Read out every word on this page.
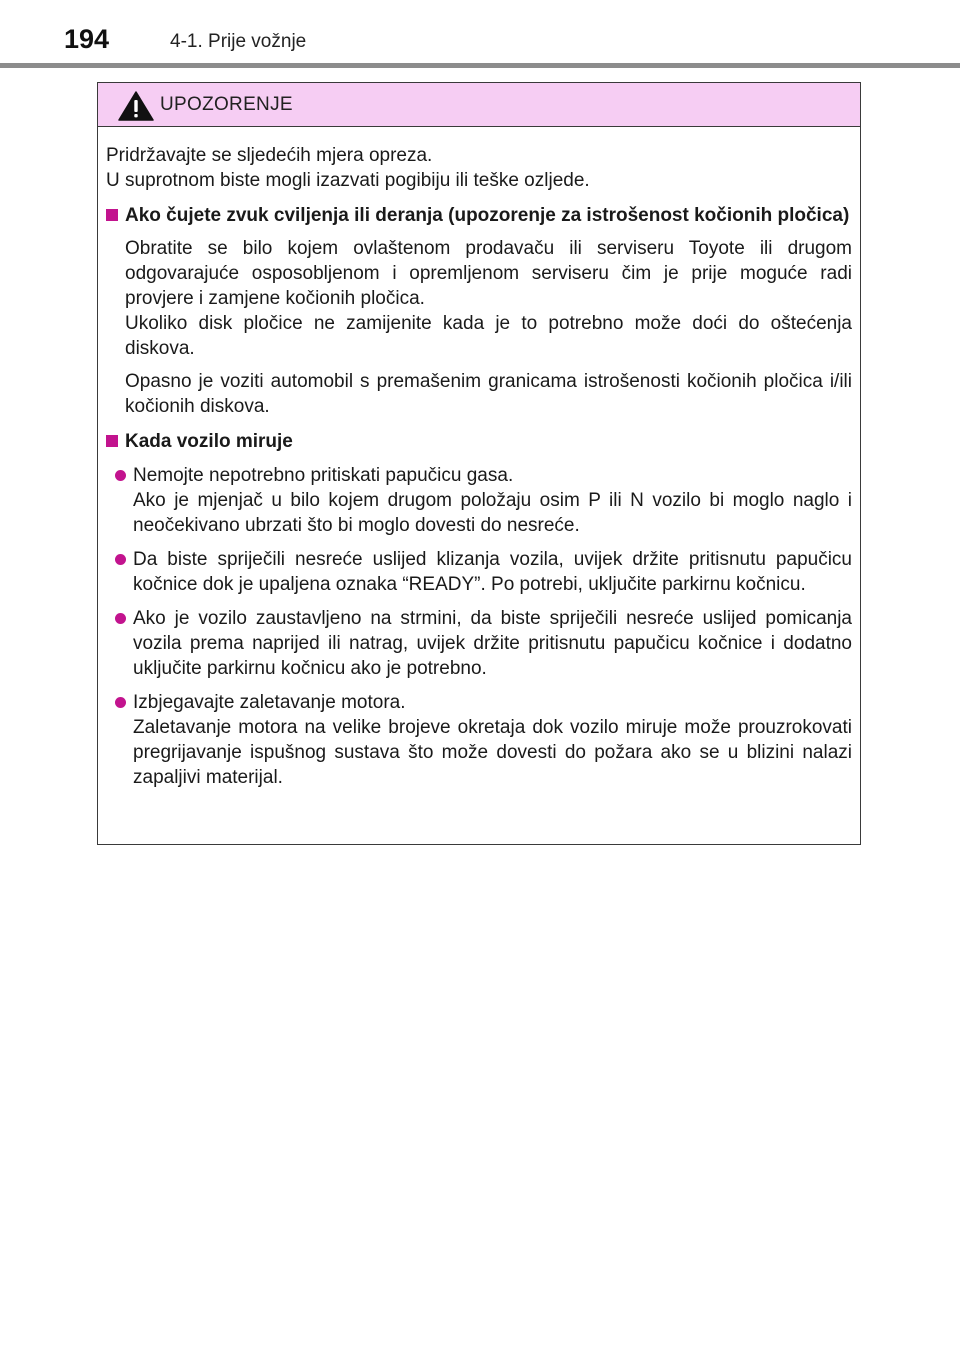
194	4-1. Prije vožnje
UPOZORENJE

Pridržavajte se sljedećih mjera opreza.

U suprotnom biste mogli izazvati pogibiju ili teške ozljede.

Ako čujete zvuk cviljenja ili deranja (upozorenje za istrošenost kočionih pločica)

Obratite se bilo kojem ovlaštenom prodavaču ili serviseru Toyote ili drugom odgovarajuće osposobljenom i opremljenom serviseru čim je prije moguće radi provjere i zamjene kočionih pločica.

Ukoliko disk pločice ne zamijenite kada je to potrebno može doći do oštećenja diskova.

Opasno je voziti automobil s premašenim granicama istrošenosti kočionih pločica i/ili kočionih diskova.

Kada vozilo miruje

Nemojte nepotrebno pritiskati papučicu gasa.

Ako je mjenjač u bilo kojem drugom položaju osim P ili N vozilo bi moglo naglo i neočekivano ubrzati što bi moglo dovesti do nesreće.

Da biste spriječili nesreće uslijed klizanja vozila, uvijek držite pritisnutu papučicu kočnice dok je upaljena oznaka “READY”. Po potrebi, uključite parkirnu kočnicu.

Ako je vozilo zaustavljeno na strmini, da biste spriječili nesreće uslijed pomicanja vozila prema naprijed ili natrag, uvijek držite pritisnutu papučicu kočnice i dodatno uključite parkirnu kočnicu ako je potrebno.

Izbjegavajte zaletavanje motora.

Zaletavanje motora na velike brojeve okretaja dok vozilo miruje može prouzrokovati pregrijavanje ispušnog sustava što može dovesti do požara ako se u blizini nalazi zapaljivi materijal.
